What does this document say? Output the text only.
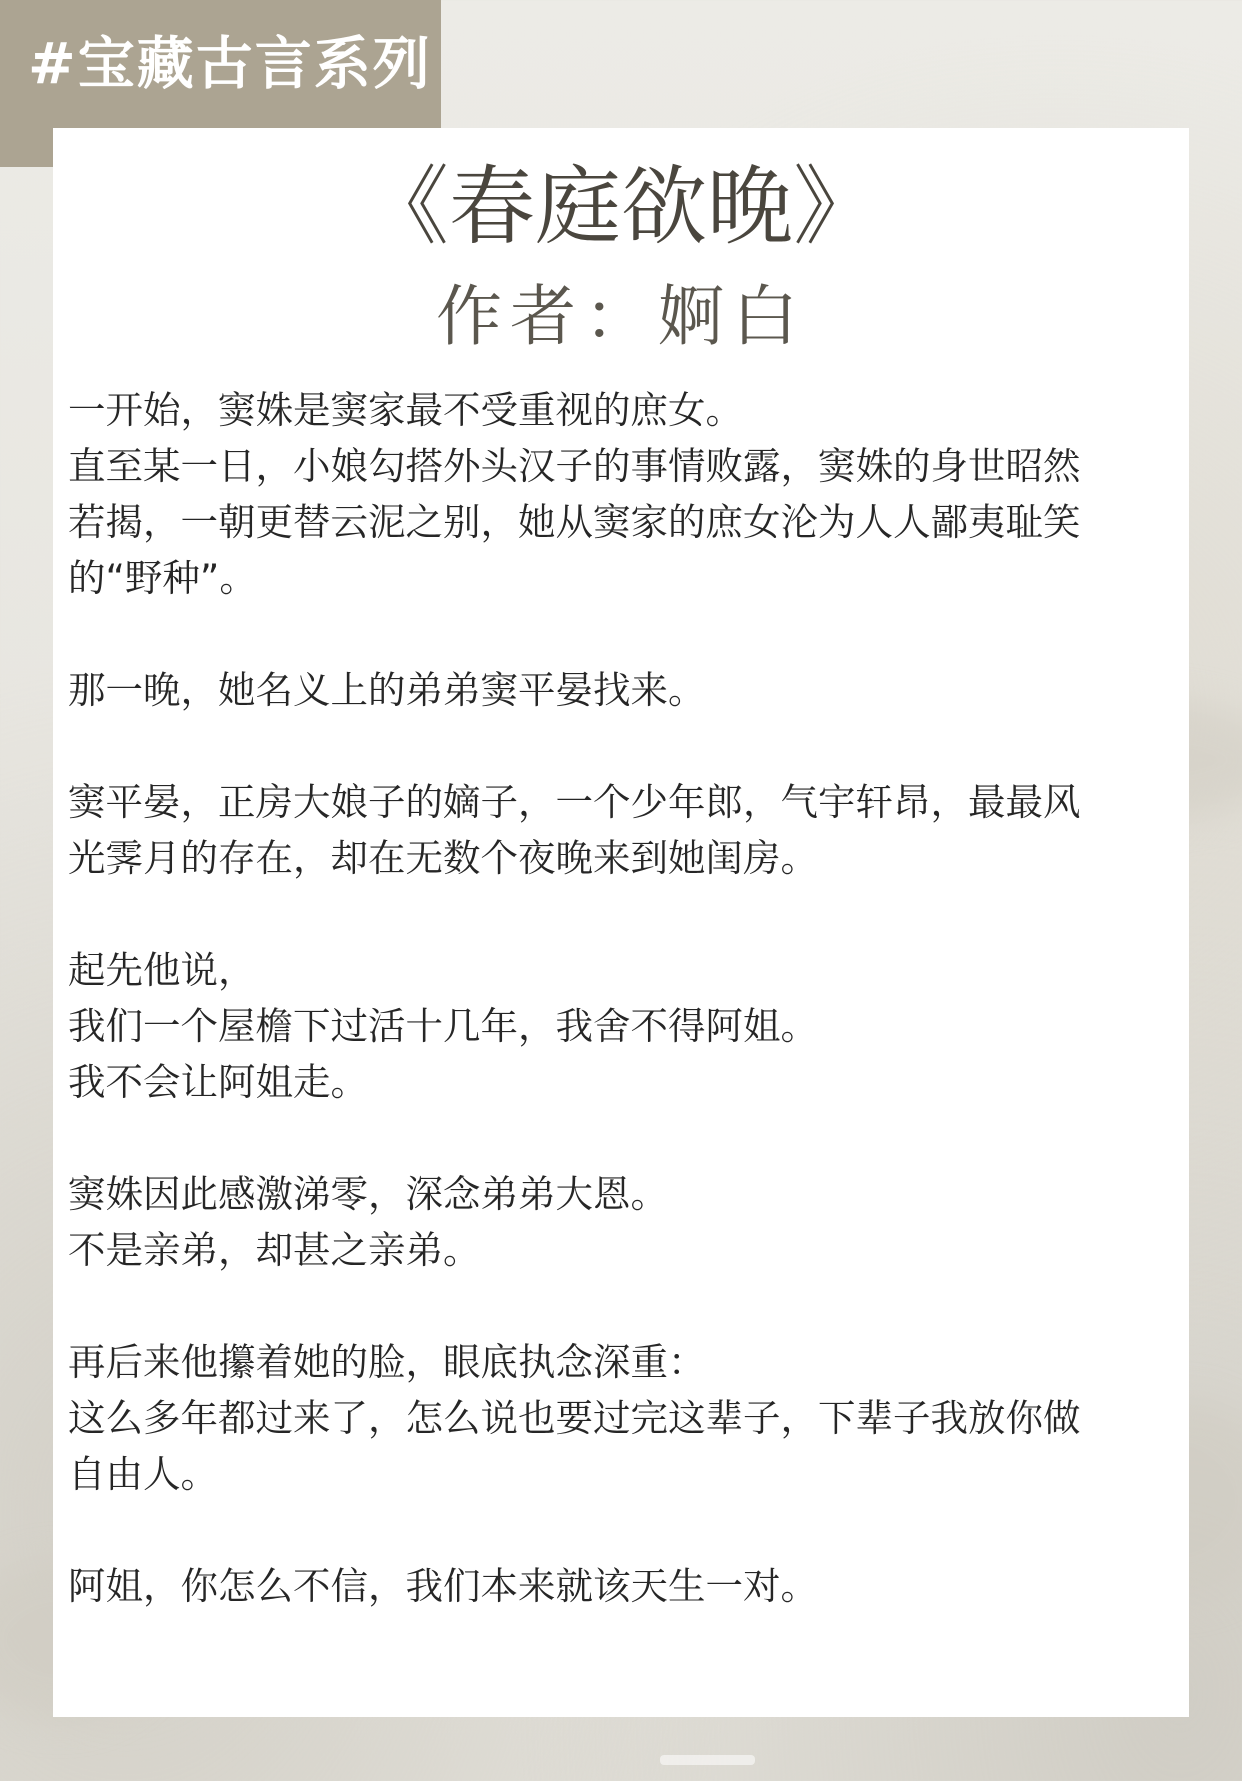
#宝藏古言系列
《春庭欲晚》
作者：婀白

一开始，窦姝是窦家最不受重视的庶女。
直至某一日，小娘勾搭外头汉子的事情败露，窦姝的身世昭然
若揭，一朝更替云泥之别，她从窦家的庶女沦为人人鄙夷耻笑
的“野种”。

那一晚，她名义上的弟弟窦平晏找来。

窦平晏，正房大娘子的嫡子，一个少年郎，气宇轩昂，最最风
光霁月的存在，却在无数个夜晚来到她闺房。

起先他说，
我们一个屋檐下过活十几年，我舍不得阿姐。
我不会让阿姐走。

窦姝因此感激涕零，深念弟弟大恩。
不是亲弟，却甚之亲弟。

再后来他攥着她的脸，眼底执念深重：
这么多年都过来了，怎么说也要过完这辈子，下辈子我放你做
自由人。

阿姐，你怎么不信，我们本来就该天生一对。
